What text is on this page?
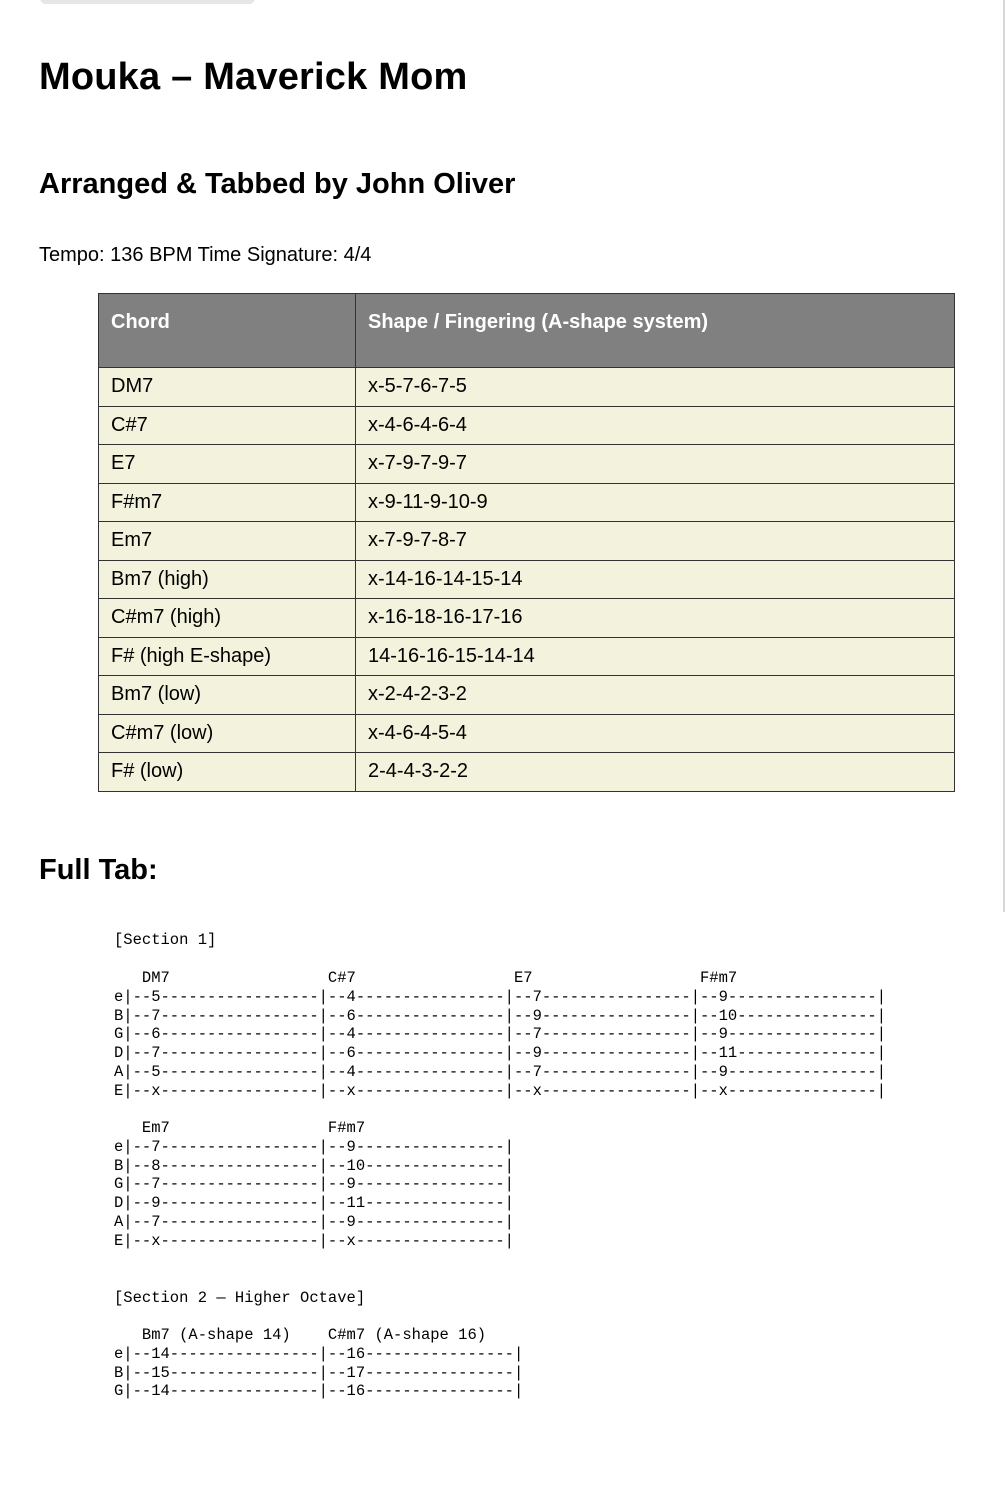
Mouka – Maverick Mom
Arranged & Tabbed by John Oliver
Tempo: 136 BPM Time Signature: 4/4
Chord	Shape / Fingering (A-shape system)
DM7	x-5-7-6-7-5
C#7	x-4-6-4-6-4
E7	x-7-9-7-9-7
F#m7	x-9-11-9-10-9
Em7	x-7-9-7-8-7
Bm7 (high)	x-14-16-14-15-14
C#m7 (high)	x-16-18-16-17-16
F# (high E-shape)	14-16-16-15-14-14
Bm7 (low)	x-2-4-2-3-2
C#m7 (low)	x-4-6-4-5-4
F# (low)	2-4-4-3-2-2
Full Tab:
[Section 1]
DM7                 C#7                 E7                  F#m7
e|--5-----------------|--4----------------|--7----------------|--9----------------|
B|--7-----------------|--6----------------|--9----------------|--10---------------|
G|--6-----------------|--4----------------|--7----------------|--9----------------|
D|--7-----------------|--6----------------|--9----------------|--11---------------|
A|--5-----------------|--4----------------|--7----------------|--9----------------|
E|--x-----------------|--x----------------|--x----------------|--x----------------|
Em7                 F#m7
e|--7-----------------|--9----------------|
B|--8-----------------|--10---------------|
G|--7-----------------|--9----------------|
D|--9-----------------|--11---------------|
A|--7-----------------|--9----------------|
E|--x-----------------|--x----------------|
[Section 2 — Higher Octave]
Bm7 (A-shape 14)    C#m7 (A-shape 16)
e|--14----------------|--16----------------|
B|--15----------------|--17----------------|
G|--14----------------|--16----------------|
